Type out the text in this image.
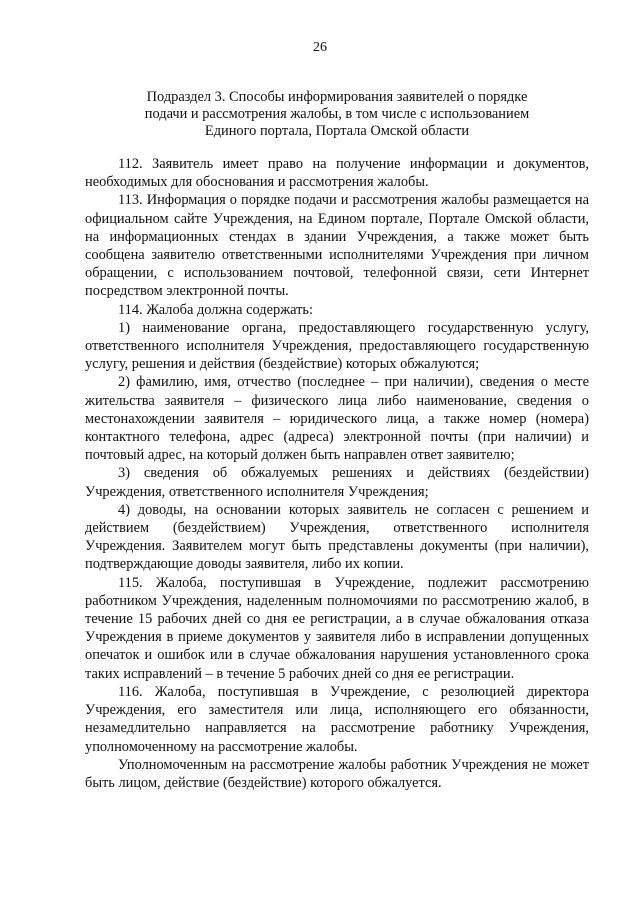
26
Подраздел 3. Способы информирования заявителей о порядке
подачи и рассмотрения жалобы, в том числе с использованием
Единого портала, Портала Омской области

112. Заявитель имеет право на получение информации и документов, необходимых для обоснования и рассмотрения жалобы.

113. Информация о порядке подачи и рассмотрения жалобы размещается на официальном сайте Учреждения, на Едином портале, Портале Омской области, на информационных стендах в здании Учреждения, а также может быть сообщена заявителю ответственными исполнителями Учреждения при личном обращении, с использованием почтовой, телефонной связи, сети Интернет посредством электронной почты.

114. Жалоба должна содержать:

1) наименование органа, предоставляющего государственную услугу, ответственного исполнителя Учреждения, предоставляющего государственную услугу, решения и действия (бездействие) которых обжалуются;

2) фамилию, имя, отчество (последнее – при наличии), сведения о месте жительства заявителя – физического лица либо наименование, сведения о местонахождении заявителя – юридического лица, а также номер (номера) контактного телефона, адрес (адреса) электронной почты (при наличии) и почтовый адрес, на который должен быть направлен ответ заявителю;

3) сведения об обжалуемых решениях и действиях (бездействии) Учреждения, ответственного исполнителя Учреждения;

4) доводы, на основании которых заявитель не согласен с решением и действием (бездействием) Учреждения, ответственного исполнителя Учреждения. Заявителем могут быть представлены документы (при наличии), подтверждающие доводы заявителя, либо их копии.

115. Жалоба, поступившая в Учреждение, подлежит рассмотрению работником Учреждения, наделенным полномочиями по рассмотрению жалоб, в течение 15 рабочих дней со дня ее регистрации, а в случае обжалования отказа Учреждения в приеме документов у заявителя либо в исправлении допущенных опечаток и ошибок или в случае обжалования нарушения установленного срока таких исправлений – в течение 5 рабочих дней со дня ее регистрации.

116. Жалоба, поступившая в Учреждение, с резолюцией директора Учреждения, его заместителя или лица, исполняющего его обязанности, незамедлительно направляется на рассмотрение работнику Учреждения, уполномоченному на рассмотрение жалобы.

Уполномоченным на рассмотрение жалобы работник Учреждения не может быть лицом, действие (бездействие) которого обжалуется.
